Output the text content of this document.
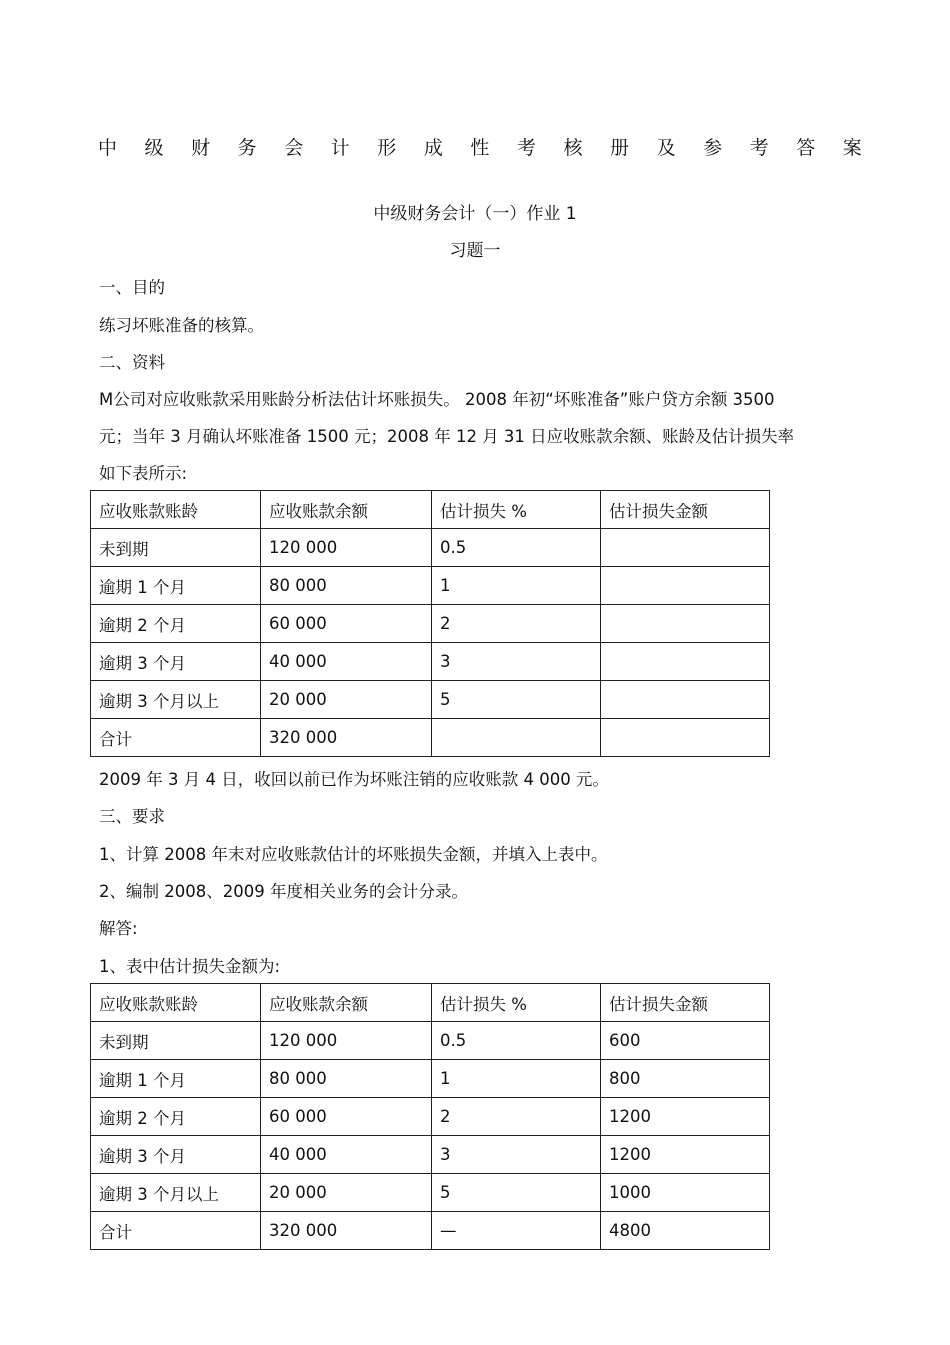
中 级 财 务 会 计 形 成 性 考 核 册 及 参 考 答 案
中级财务会计（一）作业 1
习题一
一、目的
练习坏账准备的核算。
二、资料
M公司对应收账款采用账龄分析法估计坏账损失。 2008 年初“坏账准备”账户贷方余额 3500
元；当年 3 月确认坏账准备 1500 元；2008 年 12 月 31 日应收账款余额、账龄及估计损失率
如下表所示:
应收账款账龄	应收账款余额	估计损失 %	估计损失金额
未到期	120 000	0.5	
逾期 1 个月	80 000	1	
逾期 2 个月	60 000	2	
逾期 3 个月	40 000	3	
逾期 3 个月以上	20 000	5	
合计	320 000		
2009 年 3 月 4 日，收回以前已作为坏账注销的应收账款 4 000 元。
三、要求
1、计算 2008 年末对应收账款估计的坏账损失金额，并填入上表中。
2、编制 2008、2009 年度相关业务的会计分录。
解答:
1、表中估计损失金额为:
应收账款账龄	应收账款余额	估计损失 %	估计损失金额
未到期	120 000	0.5	600
逾期 1 个月	80 000	1	800
逾期 2 个月	60 000	2	1200
逾期 3 个月	40 000	3	1200
逾期 3 个月以上	20 000	5	1000
合计	320 000	—	4800
